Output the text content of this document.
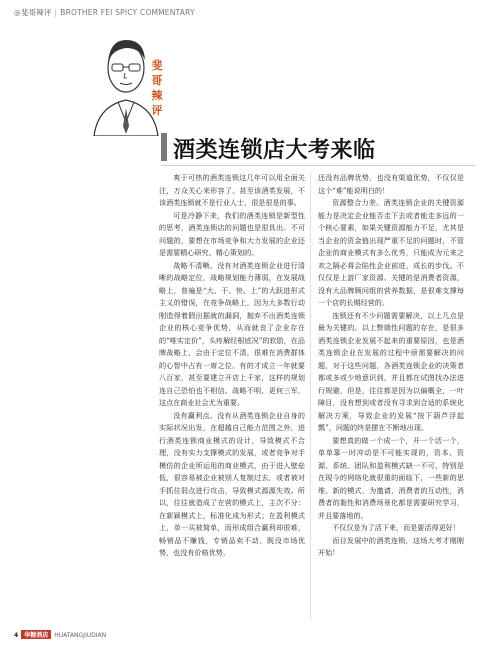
◎斐哥辣评 | BROTHER FEI SPICY COMMENTARY
斐
哥
辣
评
酒类连锁店大考来临

爽于可热的酒类连锁这几年可以用全面关注，万众关心来形容了。甚至该酒类发展，不该酒类连锁就不是行业人士，很是很是的事。

可是冷静下来，我们的酒类连锁是新型性的思考，酒类连锁店的问题也是很具出。不可问题的，要想在市场竞争和大力发展的企业还是需要精心研究、精心策划的。

战略不清晰。没有对酒类连锁企业进行清晰的战略定位，战略规划能力薄弱，在发展战略上，普遍是“大、干、快、上”的大跃进形式主义的错误，在竞争战略上，因为大多数行动刚造得着假出据就的漏洞，抛弃不出酒类连锁企业的核心竞争优势，从而就丧了企业存在的“唯实定价”，头疼解经根底况”的软肋，在品牌战略上，会由于定位不清，很难在消费群体的心智中占有一席之位。有的才成立一年就要八百家，甚至要建立开店上千家，这样的规划连自己恐怕也不相信。战略不明，更何三军，这点在商业社会尤为重要。

没有赢利点。没有从酒类连锁企业自身的实际状况出发，在超越自己能力范围之外，进行酒类连锁商业模式的设计，导致模式不合理，没有实力支撑模式的发展，或者竞争对手模仿的企业所运用的商业模式，由于进入壁垒低，很容易被企业被别人复制过去，或者被对手抓住弱点进行攻击，导致模式源源失效。所以，往往就造成了在营的模式上，主次不分：在新颖模式上，标准化成为形式；在盈利模式上，单一买被简单，而形成组合赢利却很难，畅销品不赚钱，专销品卖不动，既没市场优势，也没有价格优势，

还没有品牌优势，也没有渠道优势，不仅仅是这个“难”能说明白的！

资源整合力差。酒类连锁企业的关键资源能力是决定企业能否走下去或者能走多远的一个核心要素，如果关键资源能力不足，尤其是当企业的资金链出现严重不足的问题时，不管企业的商业模式有多么优秀，只能成为元来之欢之隔必将会陷性企业前进、成长的步伐。不仅仅是上游厂家资源、关键的是消费者资源，没有大品牌顾问组的营养数据，是很难支撑每一个店的长期经营的。

连锁还有不少问题需要解决，以上几点是最为关键的。以上弊端性问题的存在，是很多酒类连锁企业发展不起来的重要原因，也是酒类连锁企业在发展的过程中亟需要解决的问题，对于这些问题，各酒类连锁企业的决策者都或多或少地意识到，并且都在试图找办法进行规避，但是，往往都是因为以偏概全，一叶障目，没有想到或者没有寻求到合适的系统化解决方案，导致企业的发展“按下葫芦浮起瓢”，问题的终是摆在不断地出现。

要想真的做一个成一个，开一个活一个，单单靠一时冲动是不可能实现的，资本、资源、系统、团队和盈利模式缺一不可，特别是在现今的网络化就很重的面临下，一些新的思维、新的模式，为邀请，消费者的互动性，消费者的黏性和消费场景化都是需要研究学习，并且要落地的。

不仅仅是为了活下来，而是要活得更好！

而目发展中的酒类连锁，这场大考才刚刚开始！

4 华糖酒店 HUATANGJIUDIAN
